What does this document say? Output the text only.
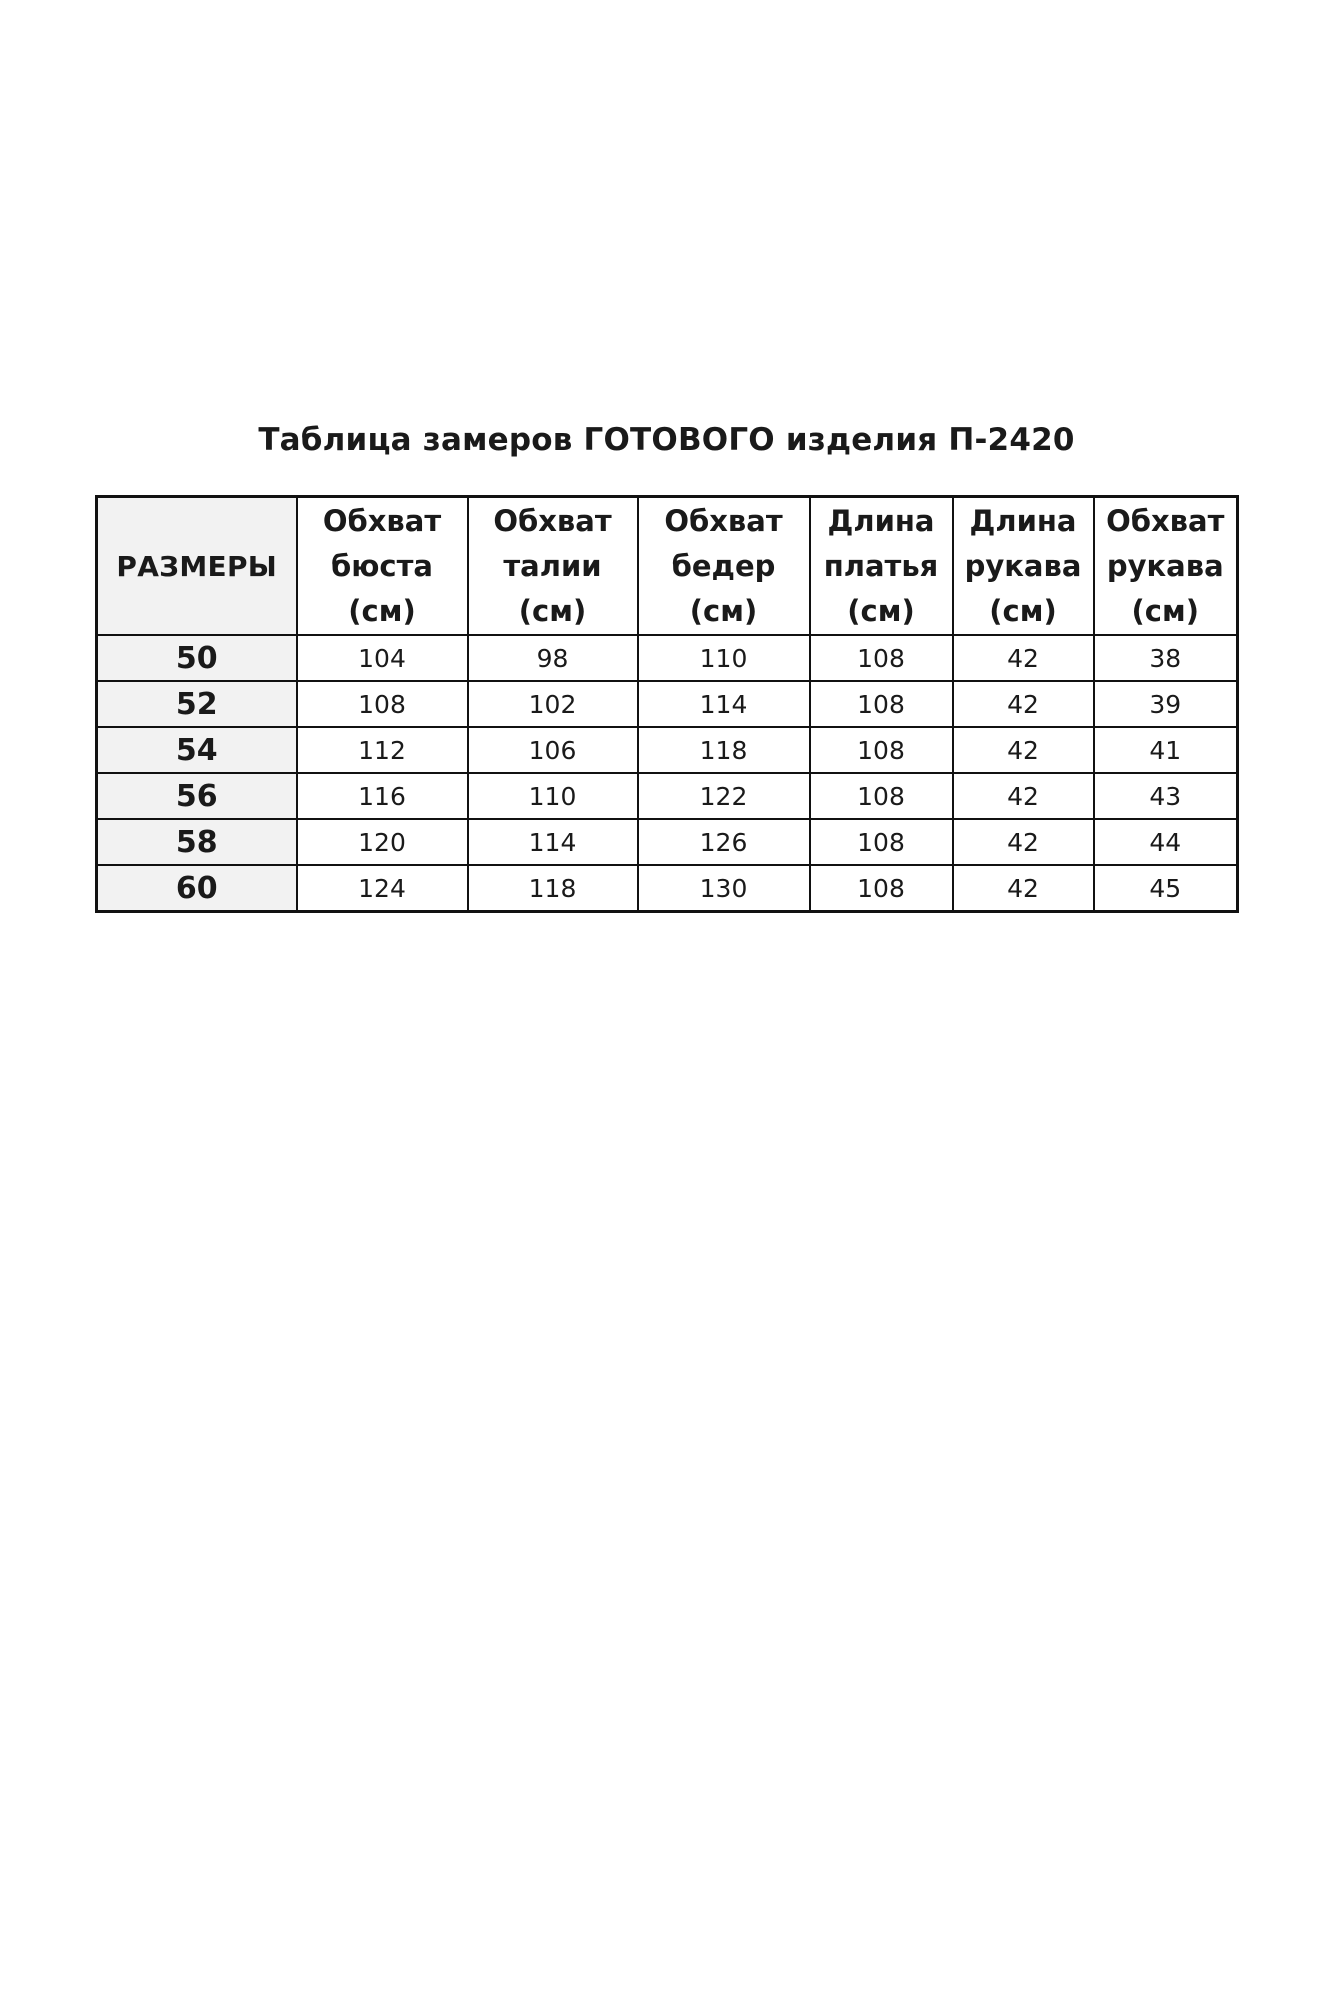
Таблица замеров ГОТОВОГО изделия П-2420
РАЗМЕРЫ	Обхват
бюста
(см)	Обхват
талии
(см)	Обхват
бедер
(см)	Длина
платья
(см)	Длина
рукава
(см)	Обхват
рукава
(см)

50	104	98	110	108	42	38
52	108	102	114	108	42	39
54	112	106	118	108	42	41
56	116	110	122	108	42	43
58	120	114	126	108	42	44
60	124	118	130	108	42	45
